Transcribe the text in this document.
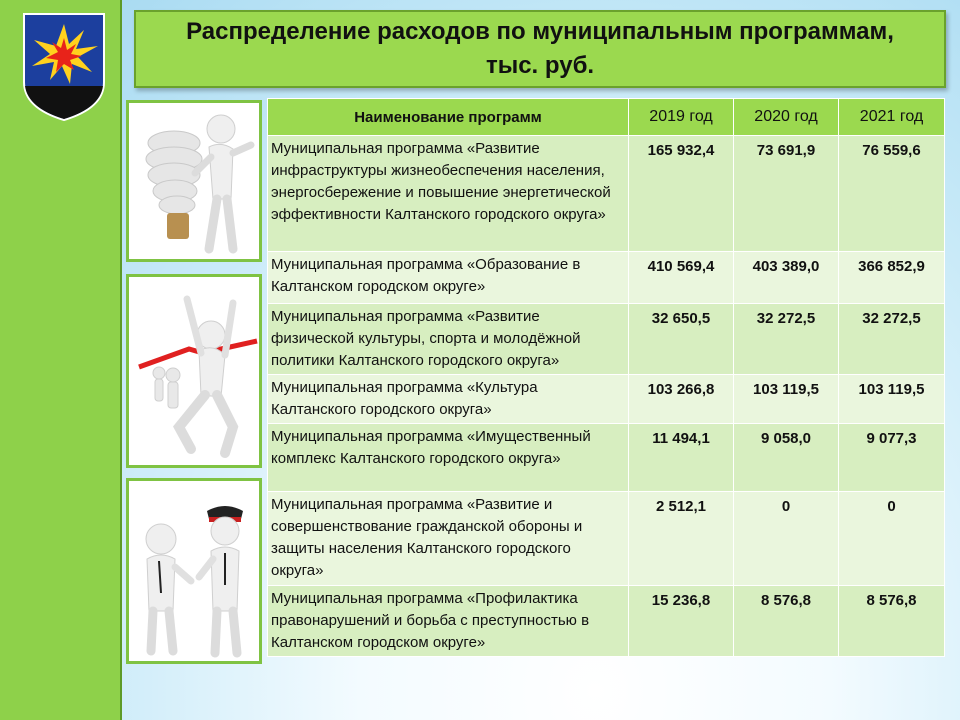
Распределение расходов по муниципальным программам, тыс. руб.
Наименование программ	2019 год	2020 год	2021 год
Муниципальная программа «Развитие инфраструктуры жизнеобеспечения населения, энергосбережение и повышение энергетической эффективности Калтанского городского округа»	165 932,4	73 691,9	76 559,6
Муниципальная программа «Образование в Калтанском городском округе»	410 569,4	403 389,0	366 852,9
Муниципальная программа «Развитие физической культуры, спорта и молодёжной политики Калтанского городского округа»	32 650,5	32 272,5	32 272,5
Муниципальная программа «Культура Калтанского городского округа»	103 266,8	103 119,5	103 119,5
Муниципальная программа «Имущественный комплекс Калтанского городского округа»	11 494,1	9 058,0	9 077,3
Муниципальная программа «Развитие и совершенствование гражданской обороны и защиты населения Калтанского городского округа»	2 512,1	0	0
Муниципальная программа «Профилактика правонарушений и борьба с преступностью в Калтанском городском округе»	15 236,8	8 576,8	8 576,8
